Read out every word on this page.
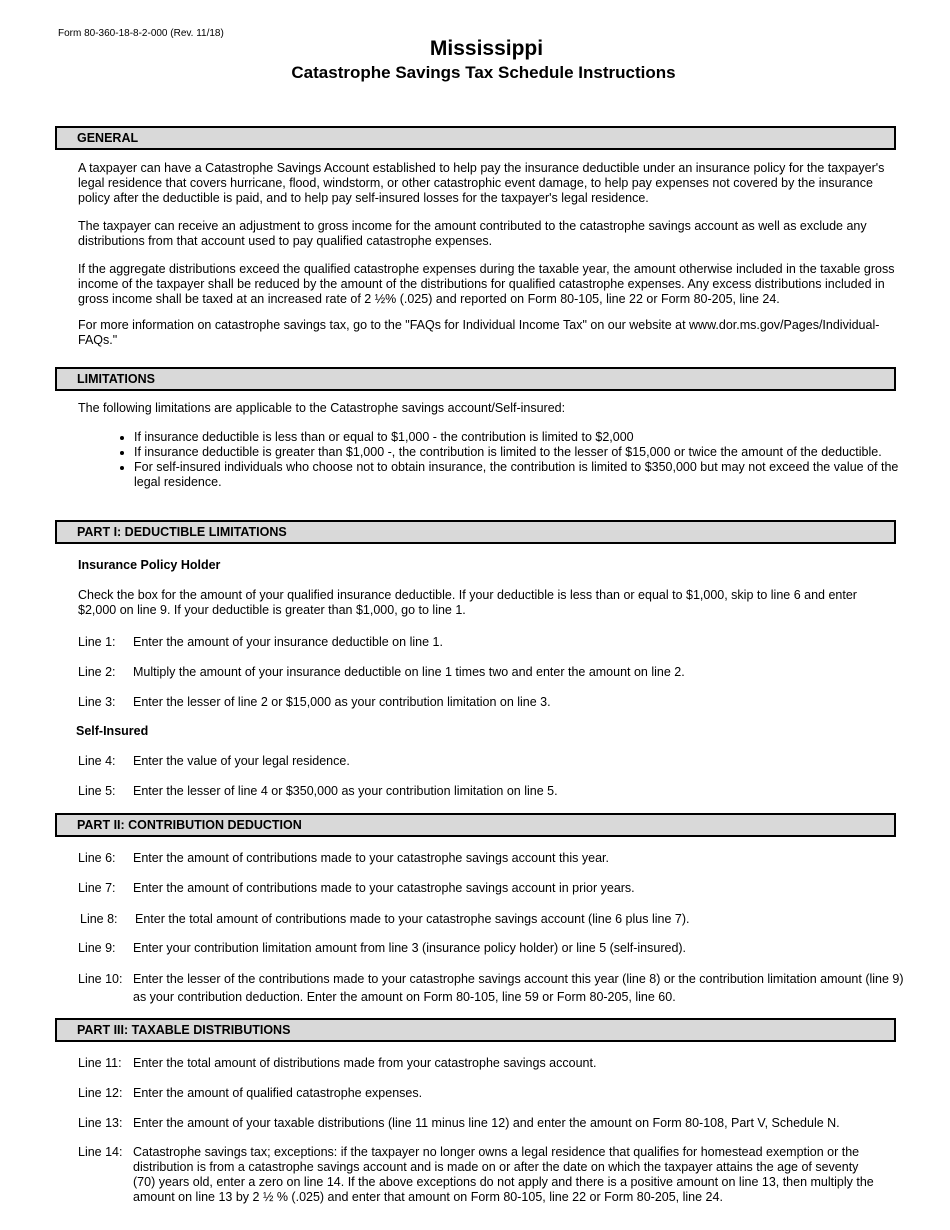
Form 80-360-18-8-2-000 (Rev. 11/18)
Mississippi
Catastrophe Savings Tax Schedule Instructions
GENERAL
A taxpayer can have a Catastrophe Savings Account established to help pay the insurance deductible under an insurance policy for the taxpayer's legal residence that covers hurricane, flood, windstorm, or other catastrophic event damage, to help pay expenses not covered by the insurance policy after the deductible is paid, and to help pay self-insured losses for the taxpayer's legal residence.
The taxpayer can receive an adjustment to gross income for the amount contributed to the catastrophe savings account as well as exclude any distributions from that account used to pay qualified catastrophe expenses.
If the aggregate distributions exceed the qualified catastrophe expenses during the taxable year, the amount otherwise included in the taxable gross income of the taxpayer shall be reduced by the amount of the distributions for qualified catastrophe expenses. Any excess distributions included in gross income shall be taxed at an increased rate of 2 ½% (.025) and reported on Form 80-105, line 22 or Form 80-205, line 24.
For more information on catastrophe savings tax, go to the "FAQs for Individual Income Tax" on our website at www.dor.ms.gov/Pages/Individual-FAQs."
LIMITATIONS
The following limitations are applicable to the Catastrophe savings account/Self-insured:
• If insurance deductible is less than or equal to $1,000 - the contribution is limited to $2,000
• If insurance deductible is greater than $1,000 -, the contribution is limited to the lesser of $15,000 or twice the amount of the deductible.
• For self-insured individuals who choose not to obtain insurance, the contribution is limited to $350,000 but may not exceed the value of the legal residence.
PART I: DEDUCTIBLE LIMITATIONS
Insurance Policy Holder
Check the box for the amount of your qualified insurance deductible. If your deductible is less than or equal to $1,000, skip to line 6 and enter $2,000 on line 9. If your deductible is greater than $1,000, go to line 1.
Line 1: Enter the amount of your insurance deductible on line 1.
Line 2: Multiply the amount of your insurance deductible on line 1 times two and enter the amount on line 2.
Line 3: Enter the lesser of line 2 or $15,000 as your contribution limitation on line 3.
Self-Insured
Line 4: Enter the value of your legal residence.
Line 5: Enter the lesser of line 4 or $350,000 as your contribution limitation on line 5.
PART II: CONTRIBUTION DEDUCTION
Line 6: Enter the amount of contributions made to your catastrophe savings account this year.
Line 7: Enter the amount of contributions made to your catastrophe savings account in prior years.
Line 8: Enter the total amount of contributions made to your catastrophe savings account (line 6 plus line 7).
Line 9: Enter your contribution limitation amount from line 3 (insurance policy holder) or line 5 (self-insured).
Line 10: Enter the lesser of the contributions made to your catastrophe savings account this year (line 8) or the contribution limitation amount (line 9) as your contribution deduction. Enter the amount on Form 80-105, line 59 or Form 80-205, line 60.
PART III: TAXABLE DISTRIBUTIONS
Line 11: Enter the total amount of distributions made from your catastrophe savings account.
Line 12: Enter the amount of qualified catastrophe expenses.
Line 13: Enter the amount of your taxable distributions (line 11 minus line 12) and enter the amount on Form 80-108, Part V, Schedule N.
Line 14: Catastrophe savings tax; exceptions: if the taxpayer no longer owns a legal residence that qualifies for homestead exemption or the distribution is from a catastrophe savings account and is made on or after the date on which the taxpayer attains the age of seventy (70) years old, enter a zero on line 14. If the above exceptions do not apply and there is a positive amount on line 13, then multiply the amount on line 13 by 2 ½ % (.025) and enter that amount on Form 80-105, line 22 or Form 80-205, line 24.
